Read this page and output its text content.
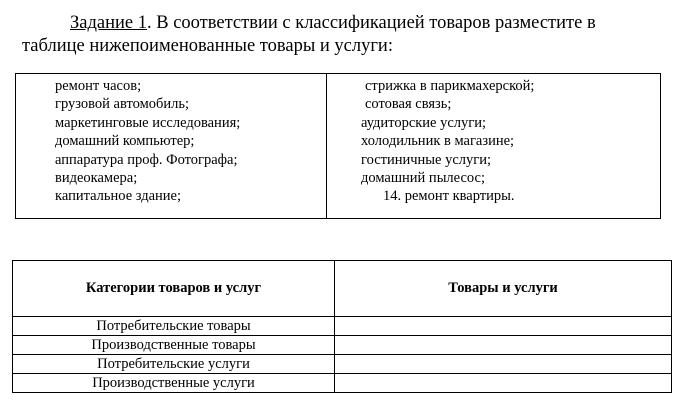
Задание 1. В соответствии с классификацией товаров разместите в
таблице нижепоименованные товары и услуги:
ремонт часов;
грузовой автомобиль;
маркетинговые исследования;
домашний компьютер;
аппаратура проф. Фотографа;
видеокамера;
капитальное здание;
стрижка в парикмахерской;
сотовая связь;
аудиторские услуги;
холодильник в магазине;
гостиничные услуги;
домашний пылесос;
14. ремонт квартиры.
Категории товаров и услуг	Товары и услуги
Потребительские товары	
Производственные товары	
Потребительские услуги	
Производственные услуги	
